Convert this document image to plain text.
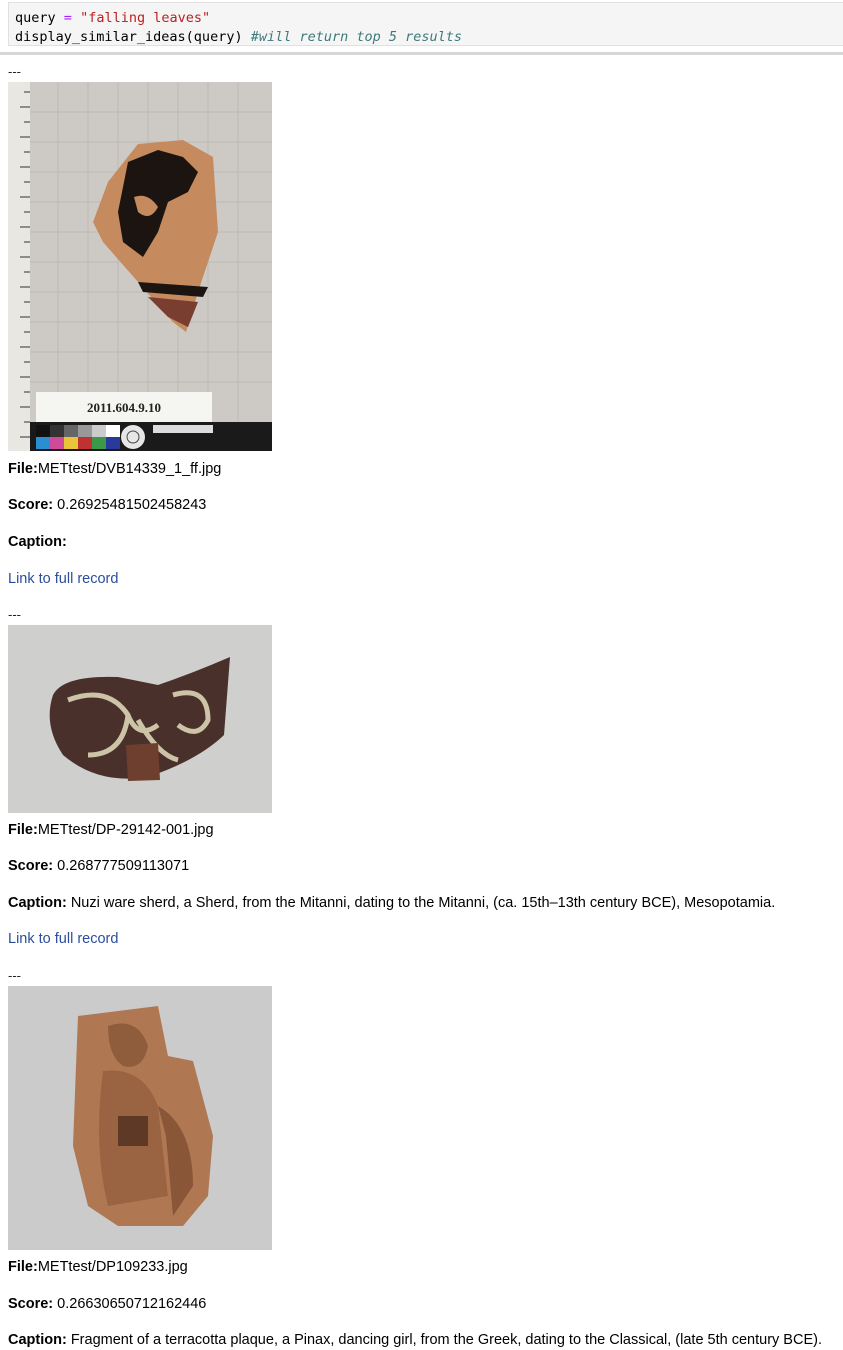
query = "falling leaves"
display_similar_ideas(query) #will return top 5 results
---
2011.604.9.10
File:METtest/DVB14339_1_ff.jpg
Score: 0.26925481502458243
Caption:
Link to full record
---
File:METtest/DP-29142-001.jpg
Score: 0.268777509113071
Caption: Nuzi ware sherd, a Sherd, from the Mitanni, dating to the Mitanni, (ca. 15th–13th century BCE), Mesopotamia.
Link to full record
---
File:METtest/DP109233.jpg
Score: 0.26630650712162446
Caption: Fragment of a terracotta plaque, a Pinax, dancing girl, from the Greek, dating to the Classical, (late 5th century BCE).
